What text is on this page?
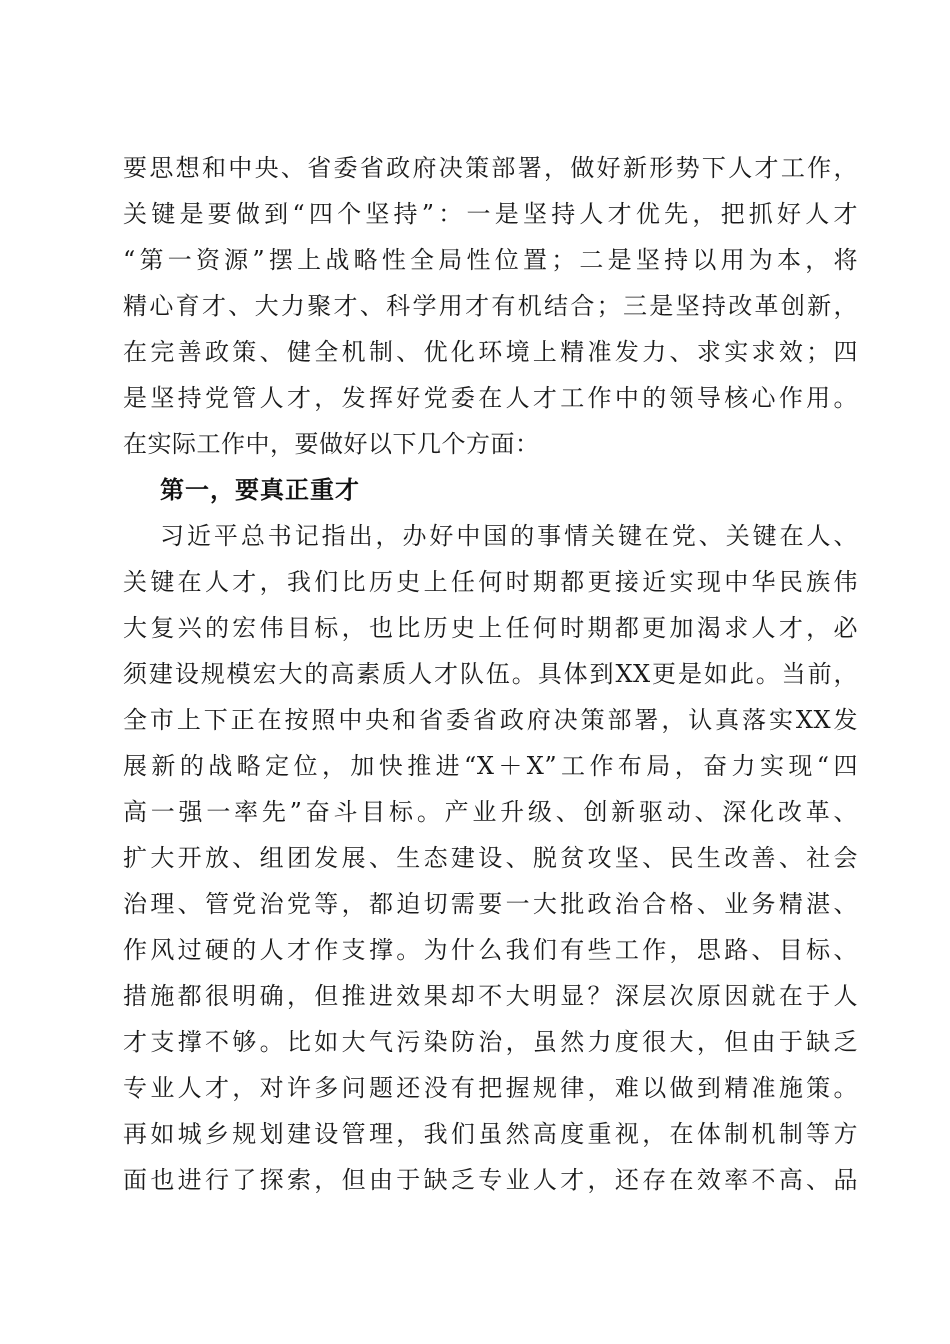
要思想和中央、省委省政府决策部署，做好新形势下人才工作，
关键是要做到“四个坚持”：一是坚持人才优先，把抓好人才
“第一资源”摆上战略性全局性位置；二是坚持以用为本，将
精心育才、大力聚才、科学用才有机结合；三是坚持改革创新，
在完善政策、健全机制、优化环境上精准发力、求实求效；四
是坚持党管人才，发挥好党委在人才工作中的领导核心作用。
在实际工作中，要做好以下几个方面：
第一，要真正重才
习近平总书记指出，办好中国的事情关键在党、关键在人、
关键在人才，我们比历史上任何时期都更接近实现中华民族伟
大复兴的宏伟目标，也比历史上任何时期都更加渴求人才，必
须建设规模宏大的高素质人才队伍。具体到XX更是如此。当前，
全市上下正在按照中央和省委省政府决策部署，认真落实XX发
展新的战略定位，加快推进“X＋X”工作布局，奋力实现“四
高一强一率先”奋斗目标。产业升级、创新驱动、深化改革、
扩大开放、组团发展、生态建设、脱贫攻坚、民生改善、社会
治理、管党治党等，都迫切需要一大批政治合格、业务精湛、
作风过硬的人才作支撑。为什么我们有些工作，思路、目标、
措施都很明确，但推进效果却不大明显？深层次原因就在于人
才支撑不够。比如大气污染防治，虽然力度很大，但由于缺乏
专业人才，对许多问题还没有把握规律，难以做到精准施策。
再如城乡规划建设管理，我们虽然高度重视，在体制机制等方
面也进行了探索，但由于缺乏专业人才，还存在效率不高、品
